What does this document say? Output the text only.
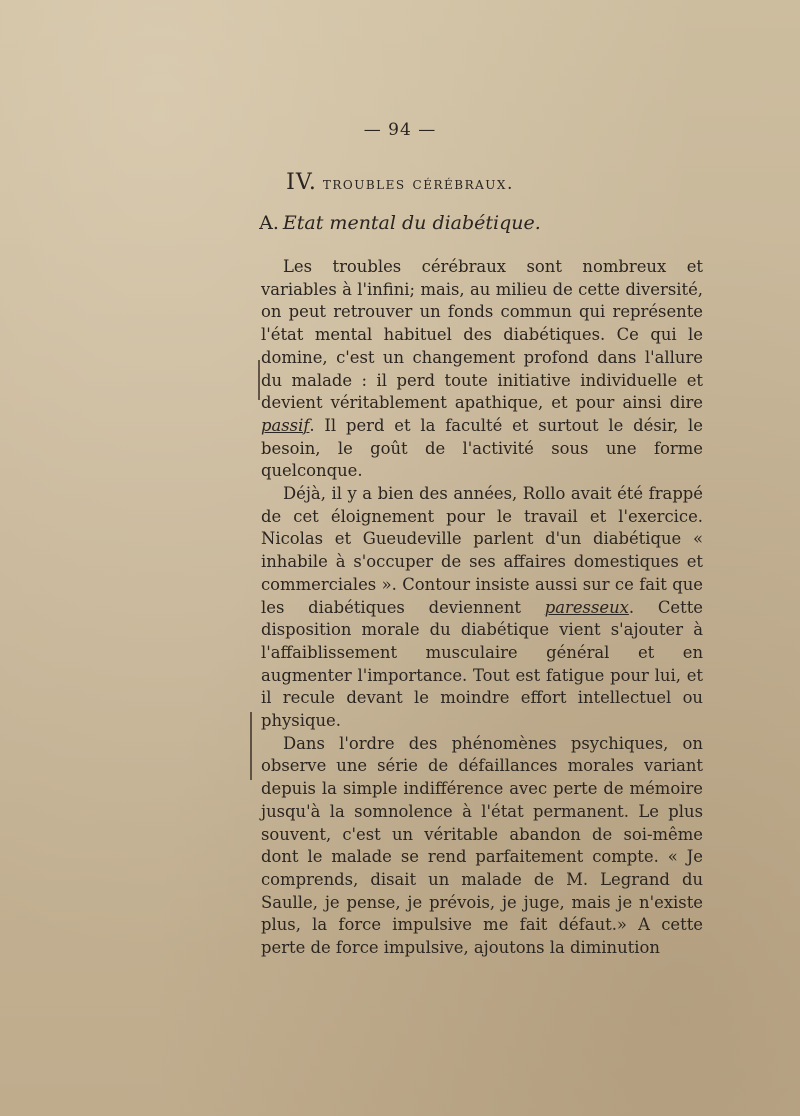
— 94 —
IV. troubles cérébraux.
A. Etat mental du diabétique.

Les troubles cérébraux sont nombreux et variables à l'infini; mais, au milieu de cette diversité, on peut retrouver un fonds commun qui représente l'état mental habituel des diabétiques. Ce qui le domine, c'est un changement profond dans l'allure du malade : il perd toute initiative individuelle et devient véritablement apathique, et pour ainsi dire passif. Il perd et la faculté et surtout le désir, le besoin, le goût de l'activité sous une forme quelconque.

Déjà, il y a bien des années, Rollo avait été frappé de cet éloignement pour le travail et l'exercice. Nicolas et Gueudeville parlent d'un diabétique « inhabile à s'occuper de ses affaires domestiques et commerciales ». Contour insiste aussi sur ce fait que les diabétiques deviennent paresseux. Cette disposition morale du diabétique vient s'ajouter à l'affaiblissement musculaire général et en augmenter l'importance. Tout est fatigue pour lui, et il recule devant le moindre effort intellectuel ou physique.

Dans l'ordre des phénomènes psychiques, on observe une série de défaillances morales variant depuis la simple indifférence avec perte de mémoire jusqu'à la somnolence à l'état permanent. Le plus souvent, c'est un véritable abandon de soi-même dont le malade se rend parfaitement compte. « Je comprends, disait un malade de M. Legrand du Saulle, je pense, je prévois, je juge, mais je n'existe plus, la force impulsive me fait défaut.» A cette perte de force impulsive, ajoutons la diminution
